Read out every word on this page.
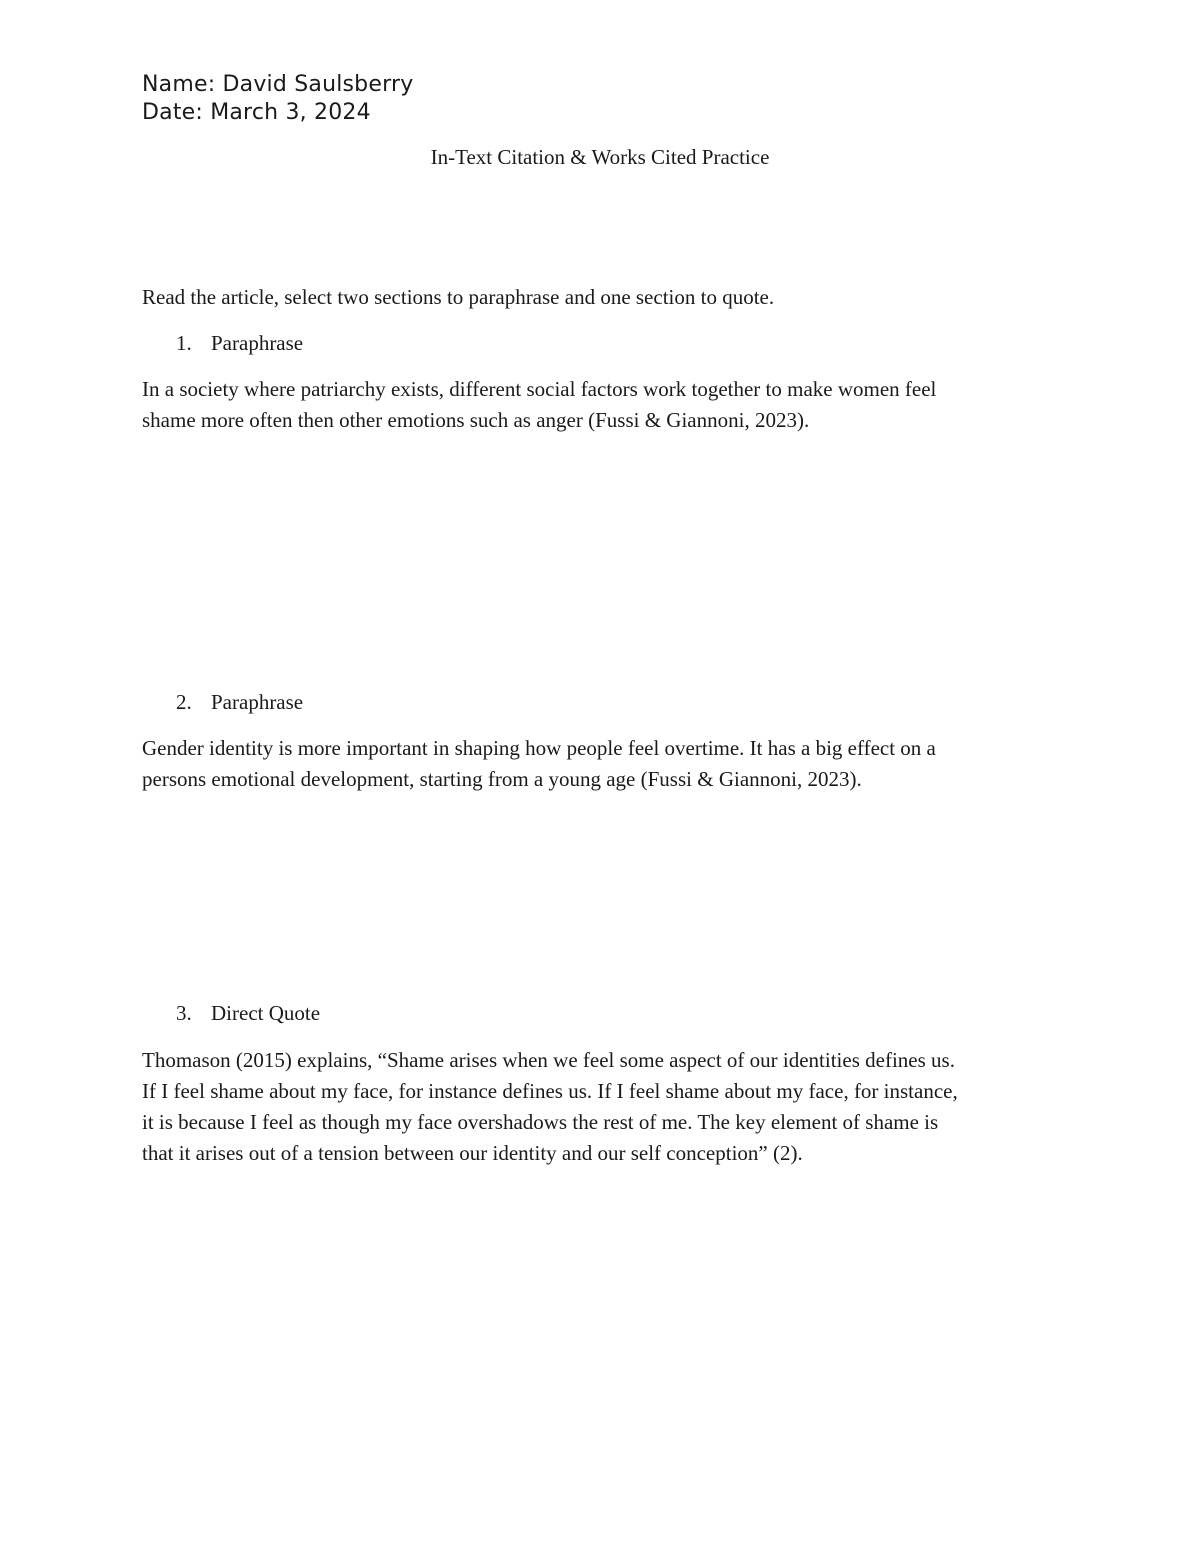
Name: David Saulsberry
Date: March 3, 2024
In-Text Citation & Works Cited Practice
Read the article, select two sections to paraphrase and one section to quote.
1. Paraphrase
In a society where patriarchy exists, different social factors work together to make women feel
shame more often then other emotions such as anger (Fussi & Giannoni, 2023).
2. Paraphrase
Gender identity is more important in shaping how people feel overtime. It has a big effect on a
persons emotional development, starting from a young age (Fussi & Giannoni, 2023).
3. Direct Quote
Thomason (2015) explains, “Shame arises when we feel some aspect of our identities defines us.
If I feel shame about my face, for instance defines us. If I feel shame about my face, for instance,
it is because I feel as though my face overshadows the rest of me. The key element of shame is
that it arises out of a tension between our identity and our self conception” (2).
